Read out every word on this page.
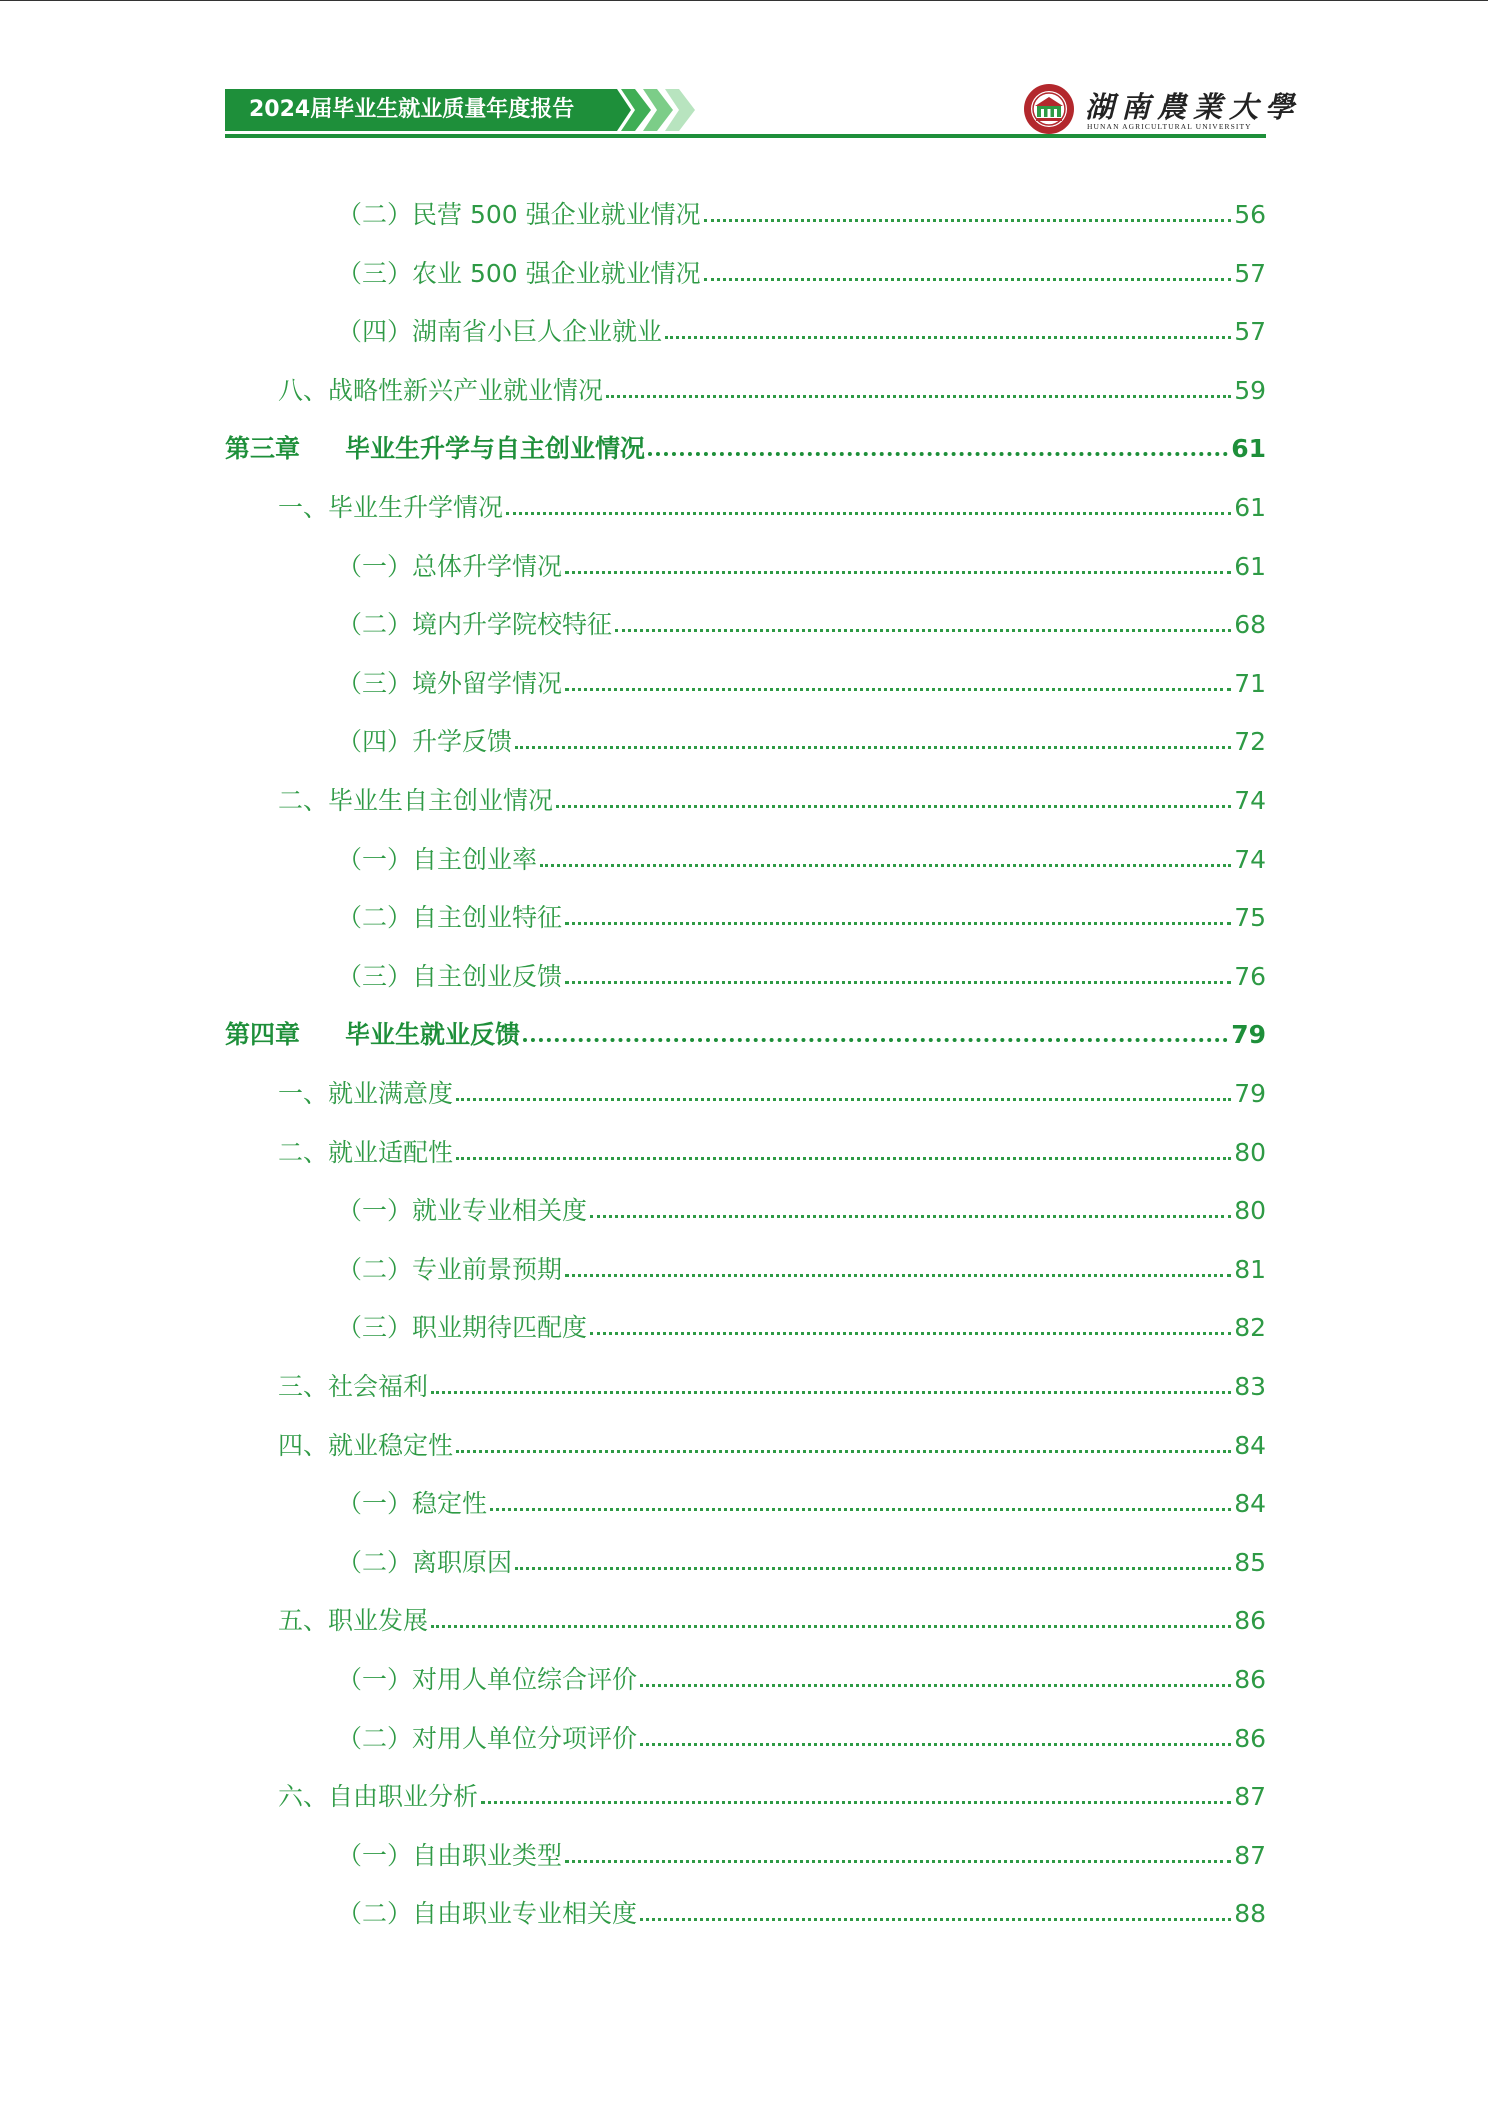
2024届毕业生就业质量年度报告	湖南農業大學
HUNAN AGRICULTURAL UNIVERSITY
（二）民营 500 强企业就业情况	56
（三）农业 500 强企业就业情况	57
（四）湖南省小巨人企业就业	57
八、战略性新兴产业就业情况	59
第三章 毕业生升学与自主创业情况	61
一、毕业生升学情况	61
（一）总体升学情况	61
（二）境内升学院校特征	68
（三）境外留学情况	71
（四）升学反馈	72
二、毕业生自主创业情况	74
（一）自主创业率	74
（二）自主创业特征	75
（三）自主创业反馈	76
第四章 毕业生就业反馈	79
一、就业满意度	79
二、就业适配性	80
（一）就业专业相关度	80
（二）专业前景预期	81
（三）职业期待匹配度	82
三、社会福利	83
四、就业稳定性	84
（一）稳定性	84
（二）离职原因	85
五、职业发展	86
（一）对用人单位综合评价	86
（二）对用人单位分项评价	86
六、自由职业分析	87
（一）自由职业类型	87
（二）自由职业专业相关度	88
